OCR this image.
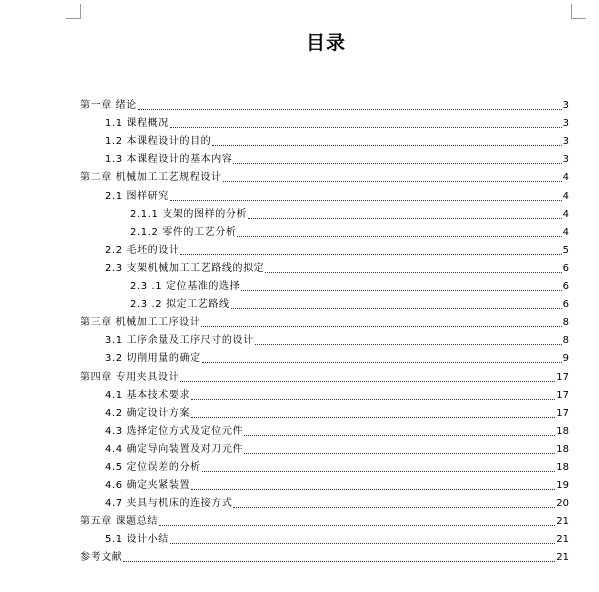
目录
第一章 绪论	3
1.1 课程概况	3
1.2 本课程设计的目的	3
1.3 本课程设计的基本内容	3
第二章 机械加工工艺规程设计	4
2.1 图样研究	4
2.1.1 支架的图样的分析	4
2.1.2 零件的工艺分析	4
2.2 毛坯的设计	5
2.3 支架机械加工工艺路线的拟定	6
2.3 .1 定位基准的选择	6
2.3 .2 拟定工艺路线	6
第三章 机械加工工序设计	8
3.1 工序余量及工序尺寸的设计	8
3.2 切削用量的确定	9
第四章 专用夹具设计	17
4.1 基本技术要求	17
4.2 确定设计方案	17
4.3 选择定位方式及定位元件	18
4.4 确定导向装置及对刀元件	18
4.5 定位误差的分析	18
4.6 确定夹紧装置	19
4.7 夹具与机床的连接方式	20
第五章 课题总结	21
5.1 设计小结	21
参考文献	21
